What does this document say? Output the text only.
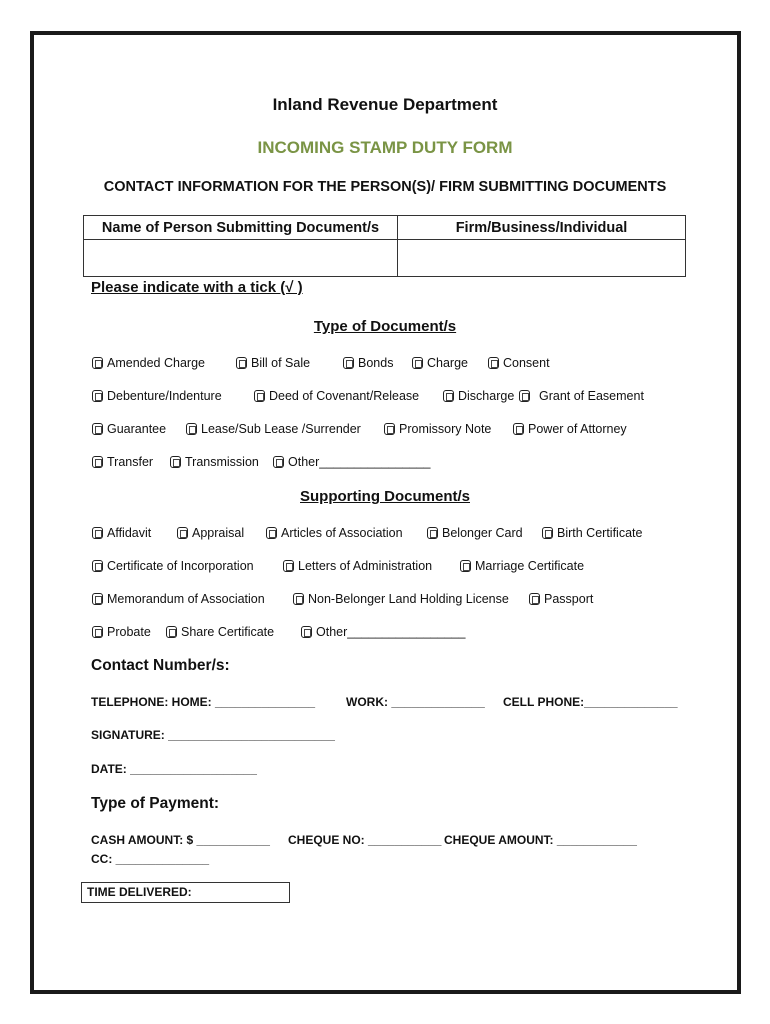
Inland Revenue Department
INCOMING STAMP DUTY FORM
CONTACT INFORMATION FOR THE PERSON(S)/ FIRM SUBMITTING DOCUMENTS
Name of Person Submitting Document/s	Firm/Business/Individual

Please indicate with a tick (√ )
Type of Document/s
Amended Charge	Bill of Sale	Bonds	Charge	Consent
Debenture/Indenture	Deed of Covenant/Release	Discharge Grant of Easement
Guarantee	Lease/Sub Lease /Surrender	Promissory Note	Power of Attorney
Transfer	Transmission Other________________
Supporting Document/s
Affidavit	Appraisal	Articles of Association	Belonger Card	Birth Certificate
Certificate of Incorporation	Letters of Administration	Marriage Certificate
Memorandum of Association	Non-Belonger Land Holding License	Passport
Probate Share Certificate	Other_________________
Contact Number/s:
TELEPHONE: HOME: _______________	WORK: ______________ CELL PHONE:______________
SIGNATURE: _________________________
DATE: ___________________
Type of Payment:
CASH AMOUNT: $ ___________ CHEQUE NO: ___________ CHEQUE AMOUNT: ____________
CC: ______________
TIME DELIVERED:
